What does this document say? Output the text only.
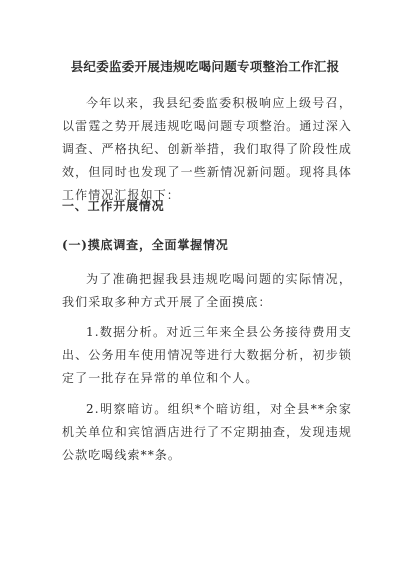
县纪委监委开展违规吃喝问题专项整治工作汇报

今年以来，我县纪委监委积极响应上级号召，以雷霆之势开展违规吃喝问题专项整治。通过深入调查、严格执纪、创新举措，我们取得了阶段性成效，但同时也发现了一些新情况新问题。现将具体工作情况汇报如下：

一、工作开展情况
(一)摸底调查，全面掌握情况

为了准确把握我县违规吃喝问题的实际情况，我们采取多种方式开展了全面摸底：

1.数据分析。对近三年来全县公务接待费用支出、公务用车使用情况等进行大数据分析，初步锁定了一批存在异常的单位和个人。

2.明察暗访。组织*个暗访组，对全县**余家机关单位和宾馆酒店进行了不定期抽查，发现违规公款吃喝线索**条。
